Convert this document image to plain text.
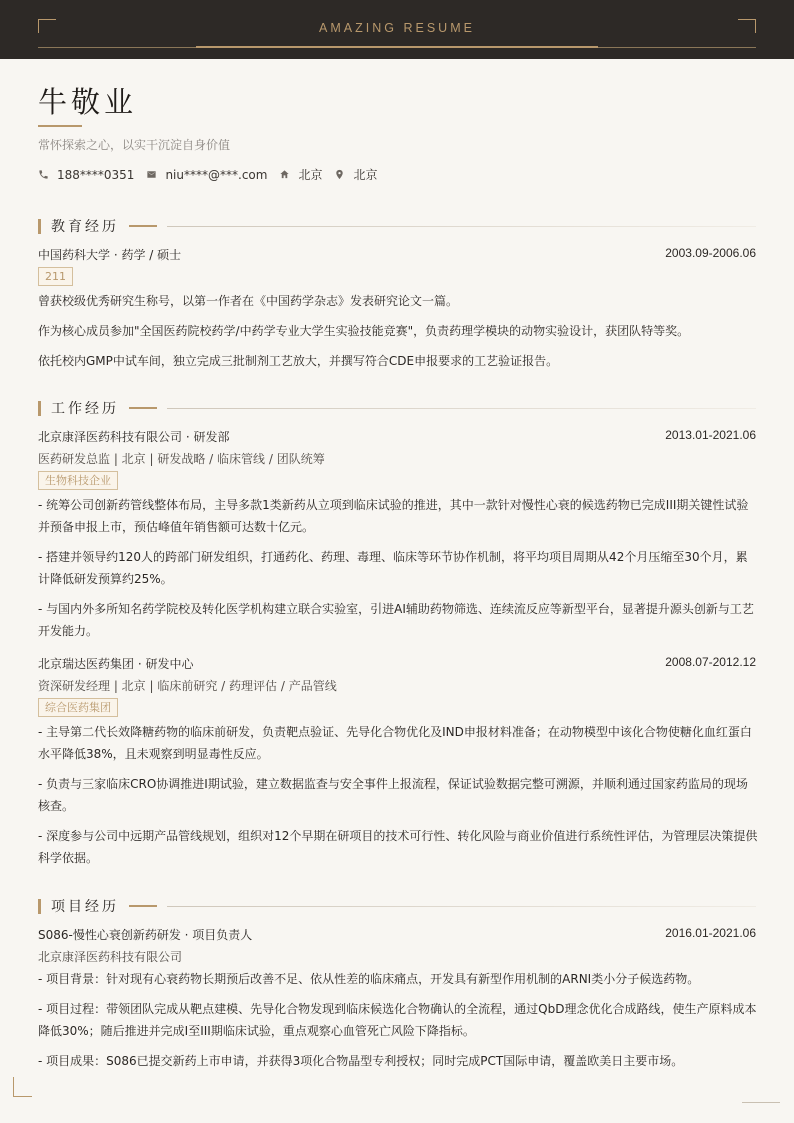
AMAZING RESUME
牛敬业
常怀探索之心，以实干沉淀自身价值
188****0351	niu****@***.com	北京	北京
教育经历
中国药科大学 · 药学 / 硕士	2003.09-2006.06
211
曾获校级优秀研究生称号，以第一作者在《中国药学杂志》发表研究论文一篇。
作为核心成员参加"全国医药院校药学/中药学专业大学生实验技能竞赛"，负责药理学模块的动物实验设计，获团队特等奖。
依托校内GMP中试车间，独立完成三批制剂工艺放大，并撰写符合CDE申报要求的工艺验证报告。
工作经历
北京康泽医药科技有限公司 · 研发部	2013.01-2021.06
医药研发总监 | 北京 | 研发战略 / 临床管线 / 团队统筹
生物科技企业
- 统筹公司创新药管线整体布局，主导多款1类新药从立项到临床试验的推进，其中一款针对慢性心衰的候选药物已完成III期关键性试验并预备申报上市，预估峰值年销售额可达数十亿元。
- 搭建并领导约120人的跨部门研发组织，打通药化、药理、毒理、临床等环节协作机制，将平均项目周期从42个月压缩至30个月，累计降低研发预算约25%。
- 与国内外多所知名药学院校及转化医学机构建立联合实验室，引进AI辅助药物筛选、连续流反应等新型平台，显著提升源头创新与工艺开发能力。
北京瑞达医药集团 · 研发中心	2008.07-2012.12
资深研发经理 | 北京 | 临床前研究 / 药理评估 / 产品管线
综合医药集团
- 主导第二代长效降糖药物的临床前研发，负责靶点验证、先导化合物优化及IND申报材料准备；在动物模型中该化合物使糖化血红蛋白水平降低38%，且未观察到明显毒性反应。
- 负责与三家临床CRO协调推进I期试验，建立数据监查与安全事件上报流程，保证试验数据完整可溯源，并顺利通过国家药监局的现场核查。
- 深度参与公司中远期产品管线规划，组织对12个早期在研项目的技术可行性、转化风险与商业价值进行系统性评估，为管理层决策提供科学依据。
项目经历
S086-慢性心衰创新药研发 · 项目负责人	2016.01-2021.06
北京康泽医药科技有限公司
- 项目背景：针对现有心衰药物长期预后改善不足、依从性差的临床痛点，开发具有新型作用机制的ARNI类小分子候选药物。
- 项目过程：带领团队完成从靶点建模、先导化合物发现到临床候选化合物确认的全流程，通过QbD理念优化合成路线，使生产原料成本降低30%；随后推进并完成I至III期临床试验，重点观察心血管死亡风险下降指标。
- 项目成果：S086已提交新药上市申请，并获得3项化合物晶型专利授权；同时完成PCT国际申请，覆盖欧美日主要市场。
